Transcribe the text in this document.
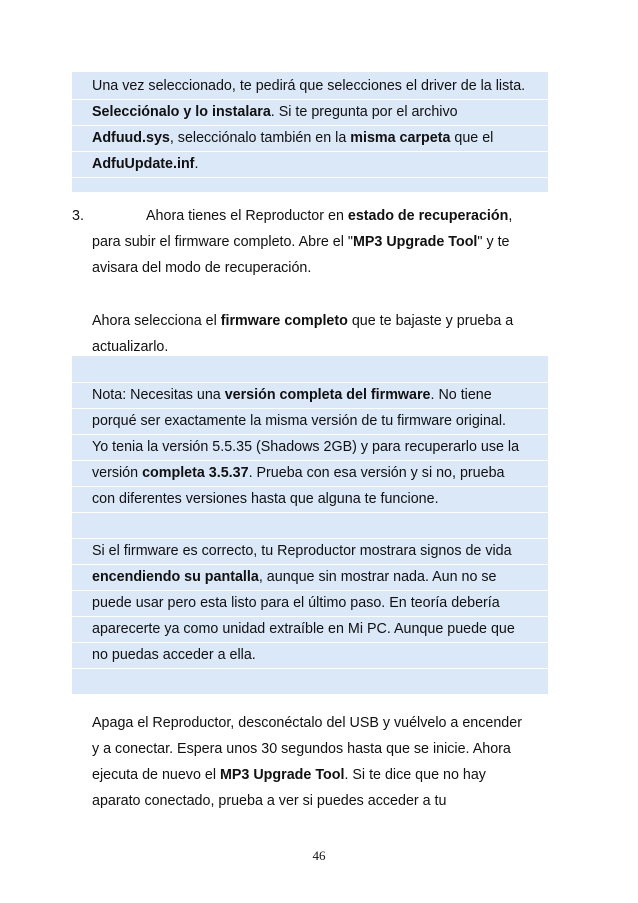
Una vez seleccionado, te pedirá que selecciones el driver de la lista.
Selecciónalo y lo instalara. Si te pregunta por el archivo
Adfuud.sys, selecciónalo también en la misma carpeta que el
AdfuUpdate.inf.
3.	Ahora tienes el Reproductor en estado de recuperación,
para subir el firmware completo. Abre el "MP3 Upgrade Tool" y te
avisara del modo de recuperación.
Ahora selecciona el firmware completo que te bajaste y prueba a
actualizarlo.
Nota: Necesitas una versión completa del firmware. No tiene
porqué ser exactamente la misma versión de tu firmware original.
Yo tenia la versión 5.5.35 (Shadows 2GB) y para recuperarlo use la
versión completa 3.5.37. Prueba con esa versión y si no, prueba
con diferentes versiones hasta que alguna te funcione.
Si el firmware es correcto, tu Reproductor mostrara signos de vida
encendiendo su pantalla, aunque sin mostrar nada. Aun no se
puede usar pero esta listo para el último paso. En teoría debería
aparecerte ya como unidad extraíble en Mi PC. Aunque puede que
no puedas acceder a ella.
Apaga el Reproductor, desconéctalo del USB y vuélvelo a encender
y a conectar. Espera unos 30 segundos hasta que se inicie. Ahora
ejecuta de nuevo el MP3 Upgrade Tool. Si te dice que no hay
aparato conectado, prueba a ver si puedes acceder a tu
46
